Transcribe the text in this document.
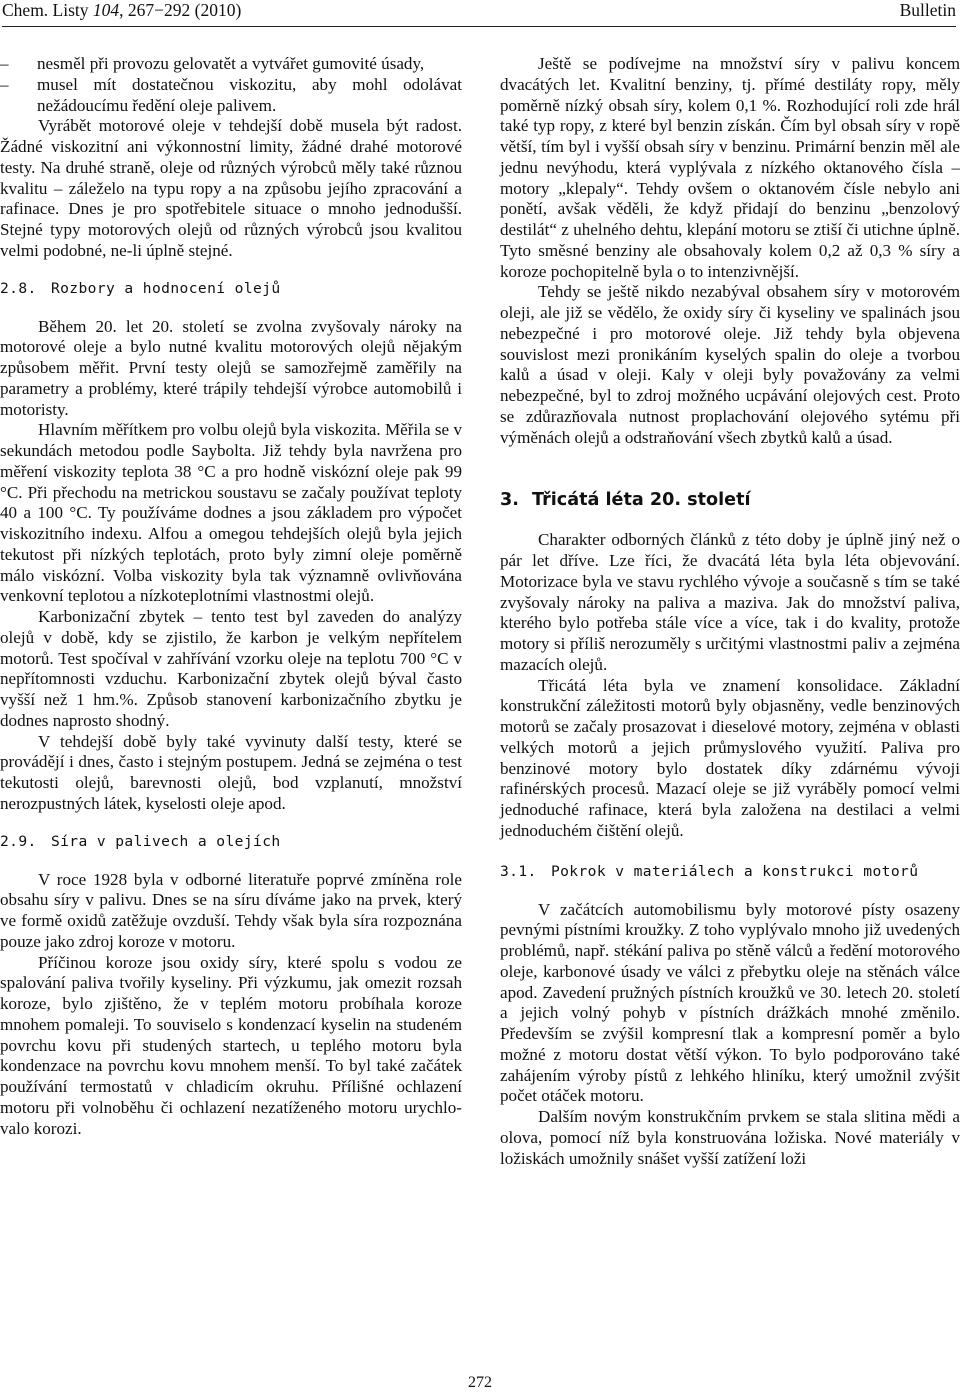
Chem. Listy 104, 267−292 (2010)	Bulletin
– nesměl při provozu gelovatět a vytvářet gumovité úsady,
– musel mít dostatečnou viskozitu, aby mohl odolávat nežádoucímu ředění oleje palivem.

Vyrábět motorové oleje v tehdejší době musela být radost. Žádné viskozitní ani výkonnostní limity, žádné drahé motorové testy. Na druhé straně, oleje od různých výrobců měly také různou kvalitu – záleželo na typu ropy a na způsobu jejího zpracování a rafinace. Dnes je pro spotřebitele situace o mnoho jednodušší. Stejné typy motorových olejů od různých výrobců jsou kvalitou velmi podobné, ne-li úplně stejné.

2.8. Rozbory a hodnocení olejů

Během 20. let 20. století se zvolna zvyšovaly nároky na motorové oleje a bylo nutné kvalitu motorových olejů nějakým způsobem měřit. První testy olejů se samozřejmě zaměřily na parametry a problémy, které trápily tehdejší výrobce automobilů i motoristy.

Hlavním měřítkem pro volbu olejů byla viskozita. Měřila se v sekundách metodou podle Saybolta. Již tehdy byla navržena pro měření viskozity teplota 38 °C a pro hodně viskózní oleje pak 99 °C. Při přechodu na metrickou soustavu se začaly používat teploty 40 a 100 °C. Ty používáme dodnes a jsou základem pro výpočet viskozitního indexu. Alfou a omegou tehdejších olejů byla jejich tekutost při nízkých teplotách, proto byly zimní oleje poměrně málo viskózní. Volba viskozity byla tak významně ovlivňována venkovní teplotou a nízkoteplotními vlastnostmi olejů.

Karbonizační zbytek – tento test byl zaveden do analýzy olejů v době, kdy se zjistilo, že karbon je velkým nepřítelem motorů. Test spočíval v zahřívání vzorku oleje na teplotu 700 °C v nepřítomnosti vzduchu. Karbonizační zbytek olejů býval často vyšší než 1 hm.%. Způsob stanovení karbonizačního zbytku je dodnes naprosto shodný.

V tehdejší době byly také vyvinuty další testy, které se provádějí i dnes, často i stejným postupem. Jedná se zejména o test tekutosti olejů, barevnosti olejů, bod vzplanutí, množství nerozpustných látek, kyselosti oleje apod.

2.9. Síra v palivech a olejích

V roce 1928 byla v odborné literatuře poprvé zmíněna role obsahu síry v palivu. Dnes se na síru díváme jako na prvek, který ve formě oxidů zatěžuje ovzduší. Tehdy však byla síra rozpoznána pouze jako zdroj koroze v motoru.

Příčinou koroze jsou oxidy síry, které spolu s vodou ze spalování paliva tvořily kyseliny. Při výzkumu, jak omezit rozsah koroze, bylo zjištěno, že v teplém motoru probíhala koroze mnohem pomaleji. To souviselo s kondenzací kyselin na studeném povrchu kovu při studených startech, u teplého motoru byla kondenzace na povrchu kovu mnohem menší. To byl také začátek používání termostatů v chladicím okruhu. Přílišné ochlazení motoru při volnoběhu či ochlazení nezatíženého motoru urychlovalo korozi.

Ještě se podívejme na množství síry v palivu koncem dvacátých let. Kvalitní benziny, tj. přímé destiláty ropy, měly poměrně nízký obsah síry, kolem 0,1 %. Rozhodující roli zde hrál také typ ropy, z které byl benzin získán. Čím byl obsah síry v ropě větší, tím byl i vyšší obsah síry v benzinu. Primární benzin měl ale jednu nevýhodu, která vyplývala z nízkého oktanového čísla – motory „klepaly“. Tehdy ovšem o oktanovém čísle nebylo ani ponětí, avšak věděli, že když přidají do benzinu „benzolový destilát“ z uhelného dehtu, klepání motoru se ztiší či utichne úplně. Tyto směsné benziny ale obsahovaly kolem 0,2 až 0,3 % síry a koroze pochopitelně byla o to intenzivnější.

Tehdy se ještě nikdo nezabýval obsahem síry v motorovém oleji, ale již se vědělo, že oxidy síry či kyseliny ve spalinách jsou nebezpečné i pro motorové oleje. Již tehdy byla objevena souvislost mezi pronikáním kyselých spalin do oleje a tvorbou kalů a úsad v oleji. Kaly v oleji byly považovány za velmi nebezpečné, byl to zdroj možného ucpávání olejových cest. Proto se zdůrazňovala nutnost proplachování olejového sytému při výměnách olejů a odstraňování všech zbytků kalů a úsad.

3. Třicátá léta 20. století

Charakter odborných článků z této doby je úplně jiný než o pár let dříve. Lze říci, že dvacátá léta byla léta objevování. Motorizace byla ve stavu rychlého vývoje a současně s tím se také zvyšovaly nároky na paliva a maziva. Jak do množství paliva, kterého bylo potřeba stále více a více, tak i do kvality, protože motory si příliš nerozuměly s určitými vlastnostmi paliv a zejména mazacích olejů.

Třicátá léta byla ve znamení konsolidace. Základní konstrukční záležitosti motorů byly objasněny, vedle benzinových motorů se začaly prosazovat i dieselové motory, zejména v oblasti velkých motorů a jejich průmyslového využití. Paliva pro benzinové motory bylo dostatek díky zdárnému vývoji rafinérských procesů. Mazací oleje se již vyráběly pomocí velmi jednoduché rafinace, která byla založena na destilaci a velmi jednoduchém čištění olejů.

3.1. Pokrok v materiálech a konstrukci motorů

V začátcích automobilismu byly motorové písty osazeny pevnými pístními kroužky. Z toho vyplývalo mnoho již uvedených problémů, např. stékání paliva po stěně válců a ředění motorového oleje, karbonové úsady ve válci z přebytku oleje na stěnách válce apod. Zavedení pružných pístních kroužků ve 30. letech 20. století a jejich volný pohyb v pístních drážkách mnohé změnilo. Především se zvýšil kompresní tlak a kompresní poměr a bylo možné z motoru dostat větší výkon. To bylo podporováno také zahájením výroby pístů z lehkého hliníku, který umožnil zvýšit počet otáček motoru.

Dalším novým konstrukčním prvkem se stala slitina mědi a olova, pomocí níž byla konstruována ložiska. Nové materiály v ložiskách umožnily snášet vyšší zatížení loži

272
